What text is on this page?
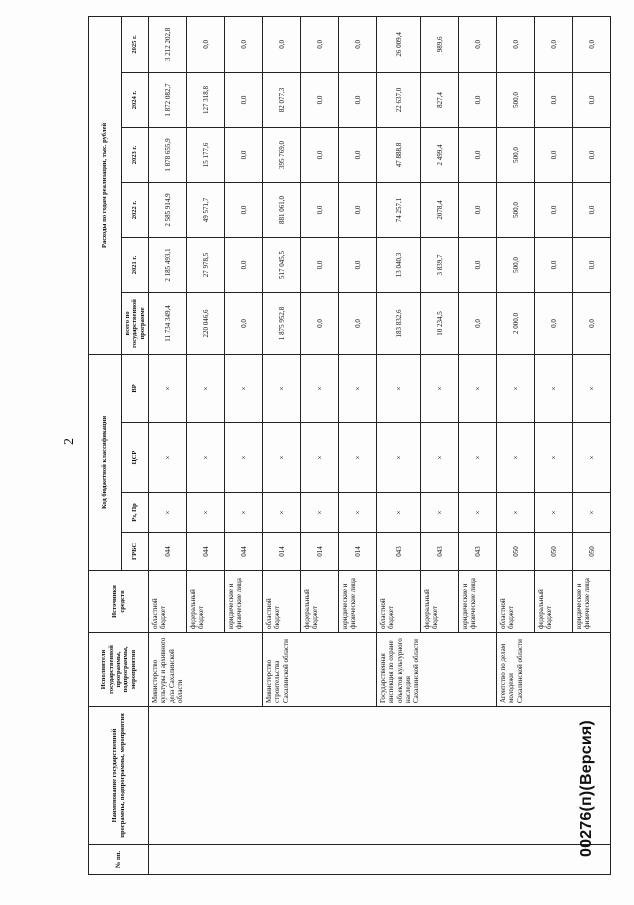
2
№ пп.	Наименование государственной программы, подпрограммы, мероприятия	Исполнители государственной программы, подпрограммы, мероприятия	Источники средств	Код бюджетной классификации				Расходы по годам реализации, тыс. рублей					
				ГРБС	Рз, Пр	ЦСР	ВР	всего по государственной программе	2021 г.	2022 г.	2023 г.	2024 г.	2025 г.
		Министерство культуры и архивного дела Сахалинской области	областной бюджет	044	×	×	×	11 734 349,4	2 185 493,1	2 585 914,9	1 878 655,9	1 872 082,7	3 212 202,8
			федеральный бюджет	044	×	×	×	220 046,6	27 978,5	49 571,7	15 177,6	127 318,8	0,0
			юридические и физические лица	044	×	×	×	0,0	0,0	0,0	0,0	0,0	0,0
		Министерство строительства Сахалинской области	областной бюджет	014	×	×	×	1 875 952,8	517 045,5	881 061,0	395 769,0	82 077,3	0,0
			федеральный бюджет	014	×	×	×	0,0	0,0	0,0	0,0	0,0	0,0
			юридические и физические лица	014	×	×	×	0,0	0,0	0,0	0,0	0,0	0,0
		Государственная инспекция по охране объектов культурного наследия Сахалинской области	областной бюджет	043	×	×	×	183 832,6	13 040,3	74 257,1	47 888,8	22 637,0	26 009,4
			федеральный бюджет	043	×	×	×	10 234,5	3 839,7	2078,4	2 499,4	827,4	989,6
			юридические и физические лица	043	×	×	×	0,0	0,0	0,0	0,0	0,0	0,0
		Агентство по делам молодежи Сахалинской области	областной бюджет	050	×	×	×	2 000,0	500,0	500,0	500,0	500,0	0,0
			федеральный бюджет	050	×	×	×	0,0	0,0	0,0	0,0	0,0	0,0
			юридические и физические лица	050	×	×	×	0,0	0,0	0,0	0,0	0,0	0,0
00276(п)(Версия)
